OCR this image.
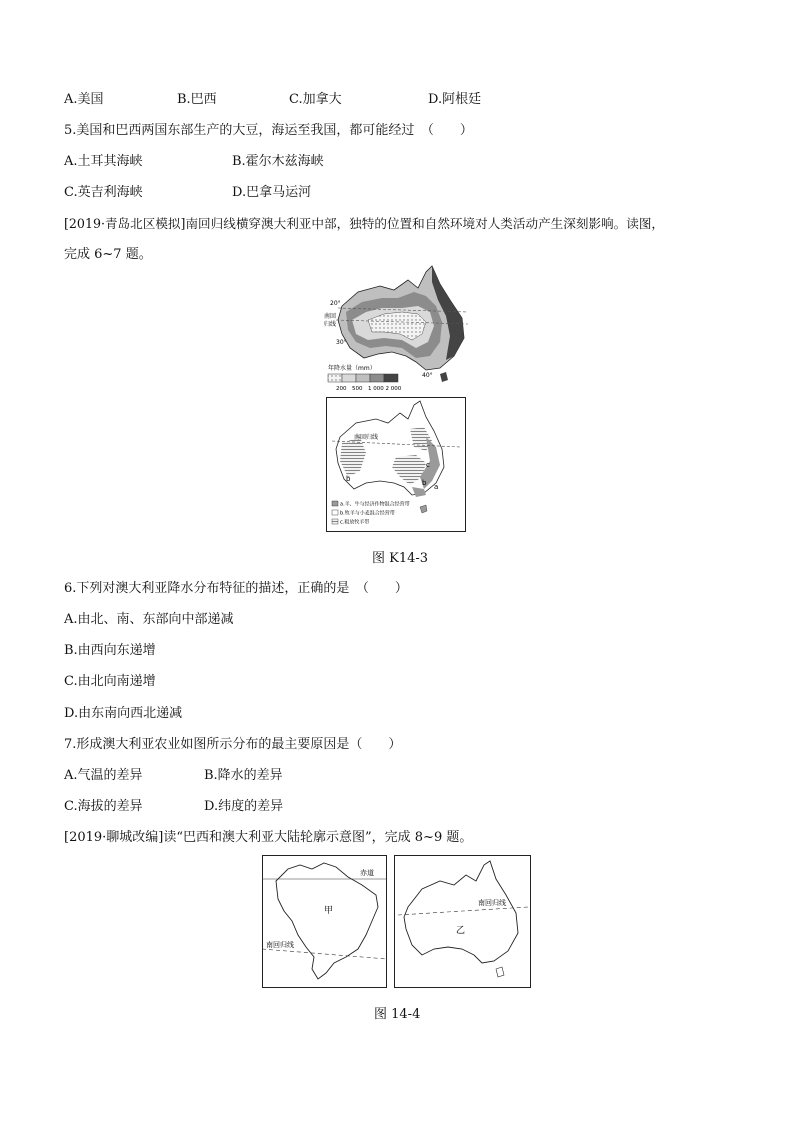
A.美国	B.巴西	C.加拿大	D.阿根廷
5.美国和巴西两国东部生产的大豆，海运至我国，都可能经过　（　　）
A.土耳其海峡	B.霍尔木兹海峡
C.英吉利海峡	D.巴拿马运河
[2019·青岛北区模拟]南回归线横穿澳大利亚中部，独特的位置和自然环境对人类活动产生深刻影响。读图，
完成 6~7 题。
20°
南回
归线
30°
40°
年降水量（mm）
200　500　1 000 2 000
南回归线
b	b
c
a
a.羊、牛与经济作物混合经营带
b.牧羊与小麦混合经营带
c.粗放牧羊带
图 K14-3
6.下列对澳大利亚降水分布特征的描述，正确的是　（　　）
A.由北、南、东部向中部递减
B.由西向东递增
C.由北向南递增
D.由东南向西北递减
7.形成澳大利亚农业如图所示分布的最主要原因是（　　）
A.气温的差异	B.降水的差异
C.海拔的差异	D.纬度的差异
[2019·聊城改编]读“巴西和澳大利亚大陆轮廓示意图”，完成 8~9 题。
赤道
南回归线
甲
南回归线
乙
图 14-4
